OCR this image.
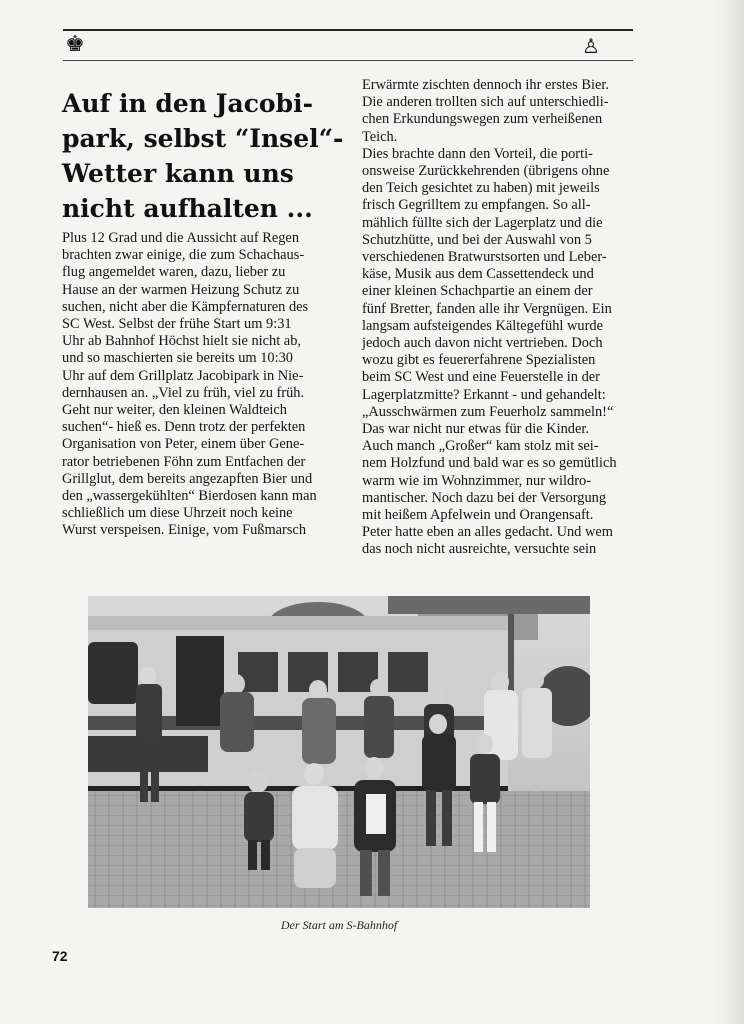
♚	♙
Auf in den Jacobi-park, selbst “Insel“-Wetter kann uns nicht aufhalten ...
Plus 12 Grad und die Aussicht auf Regen
brachten zwar einige, die zum Schachaus-
flug angemeldet waren, dazu, lieber zu
Hause an der warmen Heizung Schutz zu
suchen, nicht aber die Kämpfernaturen des
SC West. Selbst der frühe Start um 9:31
Uhr ab Bahnhof Höchst hielt sie nicht ab,
und so maschierten sie bereits um 10:30
Uhr auf dem Grillplatz Jacobipark in Nie-
dernhausen an. „Viel zu früh, viel zu früh.
Geht nur weiter, den kleinen Waldteich
suchen“- hieß es. Denn trotz der perfekten
Organisation von Peter, einem über Gene-
rator betriebenen Föhn zum Entfachen der
Grillglut, dem bereits angezapften Bier und
den „wassergekühlten“ Bierdosen kann man
schließlich um diese Uhrzeit noch keine
Wurst verspeisen. Einige, vom Fußmarsch
Erwärmte zischten dennoch ihr erstes Bier.
Die anderen trollten sich auf unterschiedli-
chen Erkundungswegen zum verheißenen
Teich.
Dies brachte dann den Vorteil, die porti-
onsweise Zurückkehrenden (übrigens ohne
den Teich gesichtet zu haben) mit jeweils
frisch Gegrilltem zu empfangen. So all-
mählich füllte sich der Lagerplatz und die
Schutzhütte, und bei der Auswahl von 5
verschiedenen Bratwurstsorten und Leber-
käse, Musik aus dem Cassettendeck und
einer kleinen Schachpartie an einem der
fünf Bretter, fanden alle ihr Vergnügen. Ein
langsam aufsteigendes Kältegefühl wurde
jedoch auch davon nicht vertrieben. Doch
wozu gibt es feuererfahrene Spezialisten
beim SC West und eine Feuerstelle in der
Lagerplatzmitte? Erkannt - und gehandelt:
„Ausschwärmen zum Feuerholz sammeln!“
Das war nicht nur etwas für die Kinder.
Auch manch „Großer“ kam stolz mit sei-
nem Holzfund und bald war es so gemütlich
warm wie im Wohnzimmer, nur wildro-
mantischer. Noch dazu bei der Versorgung
mit heißem Apfelwein und Orangensaft.
Peter hatte eben an alles gedacht. Und wem
das noch nicht ausreichte, versuchte sein
Der Start am S-Bahnhof
72
